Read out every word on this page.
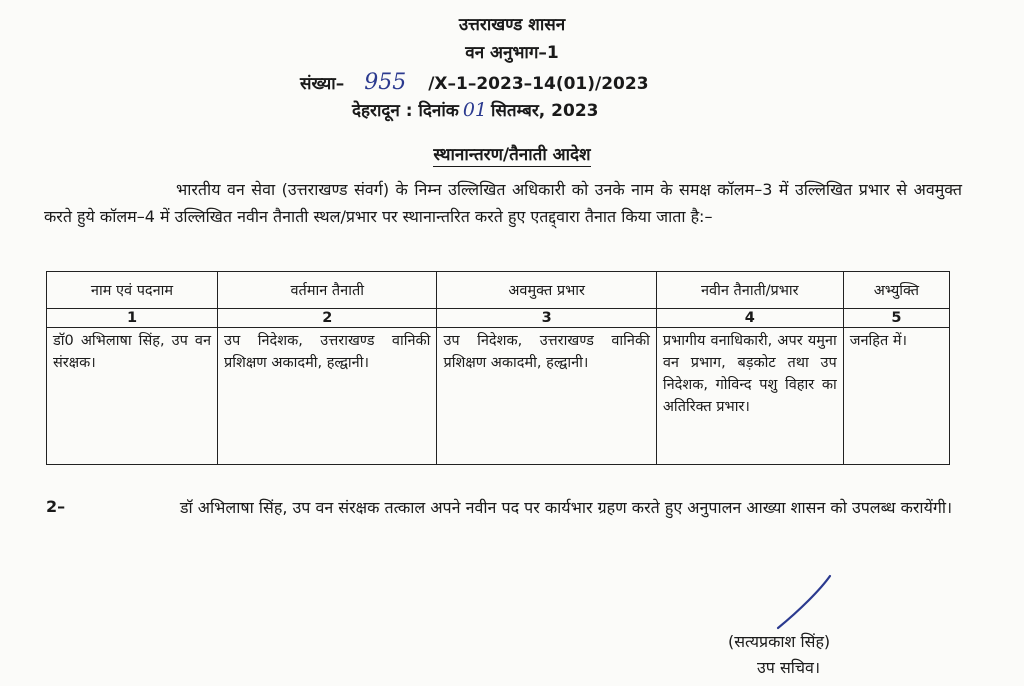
उत्तराखण्ड शासन
वन अनुभाग–1
संख्या– 955 /X–1–2023–14(01)/2023
देहरादून : दिनांक 01 सितम्बर, 2023
स्थानान्तरण/तैनाती आदेश
भारतीय वन सेवा (उत्तराखण्ड संवर्ग) के निम्न उल्लिखित अधिकारी को उनके नाम के समक्ष कॉलम–3 में उल्लिखित प्रभार से अवमुक्त करते हुये कॉलम–4 में उल्लिखित नवीन तैनाती स्थल/प्रभार पर स्थानान्तरित करते हुए एतद्द्वारा तैनात किया जाता है:–
नाम एवं पदनाम	वर्तमान तैनाती	अवमुक्त प्रभार	नवीन तैनाती/प्रभार	अभ्युक्ति
1	2	3	4	5
डॉ0 अभिलाषा सिंह, उप वन संरक्षक।	उप निदेशक, उत्तराखण्ड वानिकी प्रशिक्षण अकादमी, हल्द्वानी।	उप निदेशक, उत्तराखण्ड वानिकी प्रशिक्षण अकादमी, हल्द्वानी।	प्रभागीय वनाधिकारी, अपर यमुना वन प्रभाग, बड़कोट तथा उप निदेशक, गोविन्द पशु विहार का अतिरिक्त प्रभार।	जनहित में।
2–	डॉ अभिलाषा सिंह, उप वन संरक्षक तत्काल अपने नवीन पद पर कार्यभार ग्रहण करते हुए अनुपालन आख्या शासन को उपलब्ध करायेंगी।
(सत्यप्रकाश सिंह)
उप सचिव।
